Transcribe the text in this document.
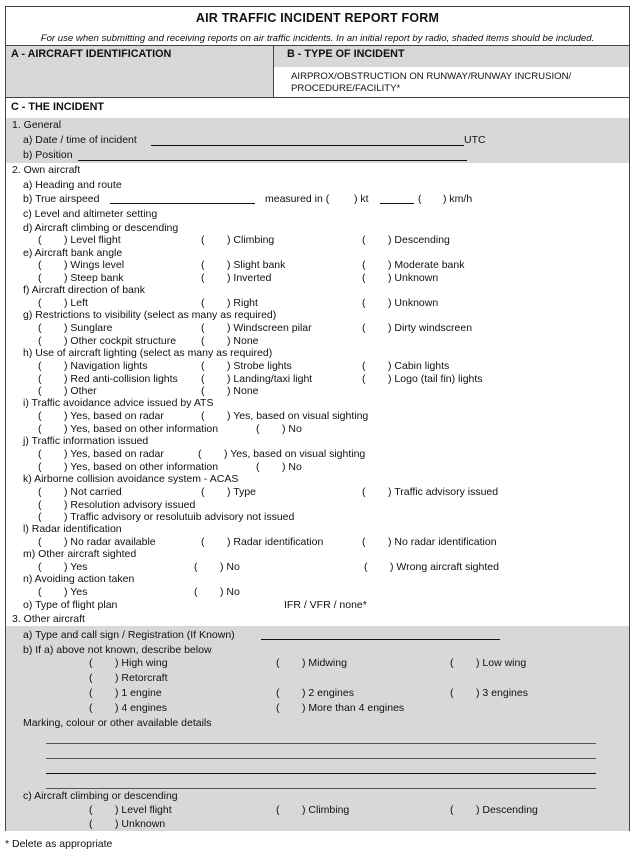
AIR TRAFFIC INCIDENT REPORT FORM
For use when submitting and receiving reports on air traffic incidents. In an initial report by radio, shaded items should be included.
A - AIRCRAFT IDENTIFICATION	B - TYPE OF INCIDENT
AIRPROX/OBSTRUCTION ON RUNWAY/RUNWAY INCRUSION/
PROCEDURE/FACILITY*
C - THE INCIDENT
1. General
a) Date / time of incident	UTC
b) Position
2. Own aircraft
a) Heading and route
b) True airspeed	measured in ( ) kt	( ) km/h
c) Level and altimeter setting
d) Aircraft climbing or descending
( ) Level flight	( ) Climbing	( ) Descending
e) Aircraft bank angle
( ) Wings level	( ) Slight bank	( ) Moderate bank
( ) Steep bank	( ) Inverted	( ) Unknown
f) Aircraft direction of bank
( ) Left	( ) Right	( ) Unknown
g) Restrictions to visibility (select as many as required)
( ) Sunglare	( ) Windscreen pilar	( ) Dirty windscreen
( ) Other cockpit structure ( ) None
h) Use of aircraft lighting (select as many as required)
( ) Navigation lights	( ) Strobe lights	( ) Cabin lights
( ) Red anti-collision lights ( ) Landing/taxi light	( ) Logo (tail fin) lights
( ) Other	( ) None
i) Traffic avoidance advice issued by ATS
( ) Yes, based on radar	( ) Yes, based on visual sighting
( ) Yes, based on other information	( ) No
j) Traffic information issued
( ) Yes, based on radar	( ) Yes, based on visual sighting
( ) Yes, based on other information	( ) No
k) Airborne collision avoidance system - ACAS
( ) Not carried	( ) Type	( ) Traffic advisory issued
( ) Resolution advisory issued
( ) Traffic advisory or resolutuib advisory not issued
l) Radar identification
( ) No radar available	( ) Radar identification	( ) No radar identification
m) Other aircraft sighted
( ) Yes	( ) No	( ) Wrong aircraft sighted
n) Avoiding action taken
( ) Yes	( ) No
o) Type of flight plan	IFR / VFR / none*
3. Other aircraft
a) Type and call sign / Registration (If Known)
b) If a) above not known, describe below
( ) High wing	( ) Midwing	( ) Low wing
( ) Retorcraft
( ) 1 engine	( ) 2 engines	( ) 3 engines
( ) 4 engines	( ) More than 4 engines
Marking, colour or other available details
c) Aircraft climbing or descending
( ) Level flight	( ) Climbing	( ) Descending
( ) Unknown
* Delete as appropriate
